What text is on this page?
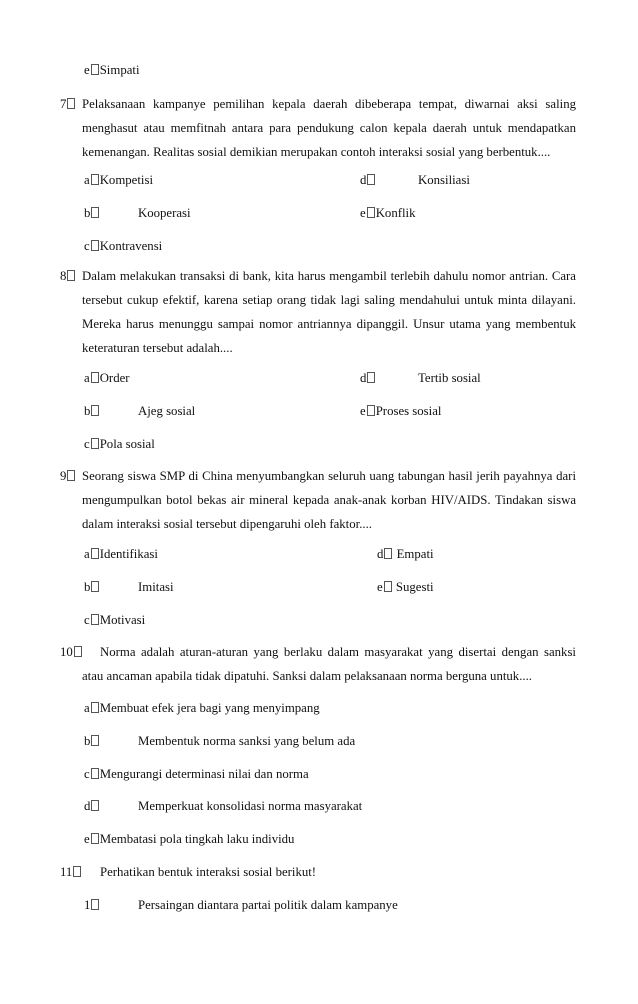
e Simpati
7	Pelaksanaan kampanye pemilihan kepala daerah dibeberapa tempat, diwarnai aksi saling
menghasut atau memfitnah antara para pendukung calon kepala daerah untuk mendapatkan
kemenangan. Realitas sosial demikian merupakan contoh interaksi sosial yang berbentuk....
a Kompetisi	d	Konsiliasi
b	Kooperasi	e Konflik
c Kontravensi
8	Dalam melakukan transaksi di bank, kita harus mengambil terlebih dahulu nomor antrian. Cara
tersebut cukup efektif, karena setiap orang tidak lagi saling mendahului untuk minta dilayani.
Mereka harus menunggu sampai nomor antriannya dipanggil. Unsur utama yang membentuk
keteraturan tersebut adalah....
a Order	d	Tertib sosial
b	Ajeg sosial	e Proses sosial
c Pola sosial
9	Seorang siswa SMP di China menyumbangkan seluruh uang tabungan hasil jerih payahnya dari
mengumpulkan botol bekas air mineral kepada anak-anak korban HIV/AIDS. Tindakan siswa
dalam interaksi sosial tersebut dipengaruhi oleh faktor....
a Identifikasi	d Empati
b	Imitasi	e Sugesti
c Motivasi
10	Norma adalah aturan-aturan yang berlaku dalam masyarakat yang disertai dengan sanksi
atau ancaman apabila tidak dipatuhi. Sanksi dalam pelaksanaan norma berguna untuk....
a Membuat efek jera bagi yang menyimpang
b	Membentuk norma sanksi yang belum ada
c Mengurangi determinasi nilai dan norma
d	Memperkuat konsolidasi norma masyarakat
e Membatasi pola tingkah laku individu
11	Perhatikan bentuk interaksi sosial berikut!
1	Persaingan diantara partai politik dalam kampanye
